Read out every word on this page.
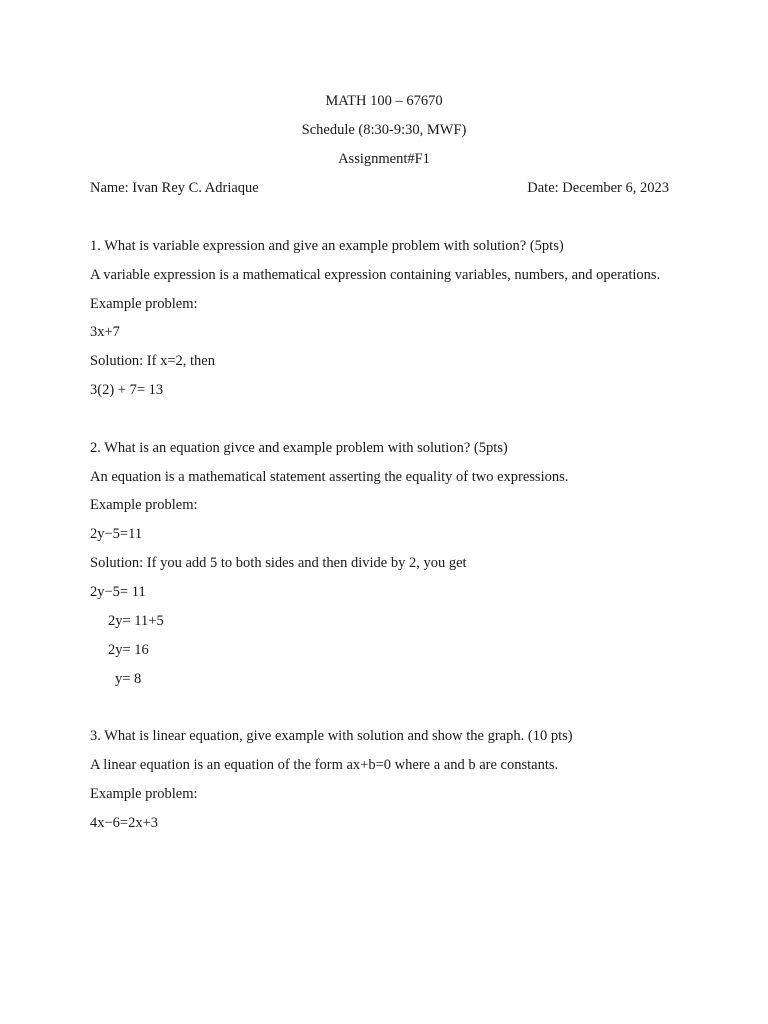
MATH 100 – 67670
Schedule (8:30-9:30, MWF)
Assignment#F1
Name: Ivan Rey C. Adriaque	Date: December 6, 2023
1. What is variable expression and give an example problem with solution? (5pts)
A variable expression is a mathematical expression containing variables, numbers, and operations.
Example problem:
3x+7
Solution: If x=2, then
3(2) + 7= 13
2. What is an equation givce and example problem with solution? (5pts)
An equation is a mathematical statement asserting the equality of two expressions.
Example problem:
2y−5=11
Solution: If you add 5 to both sides and then divide by 2, you get
2y−5= 11
2y= 11+5
2y= 16
y= 8
3. What is linear equation, give example with solution and show the graph. (10 pts)
A linear equation is an equation of the form ax+b=0 where a and b are constants.
Example problem:
4x−6=2x+3
